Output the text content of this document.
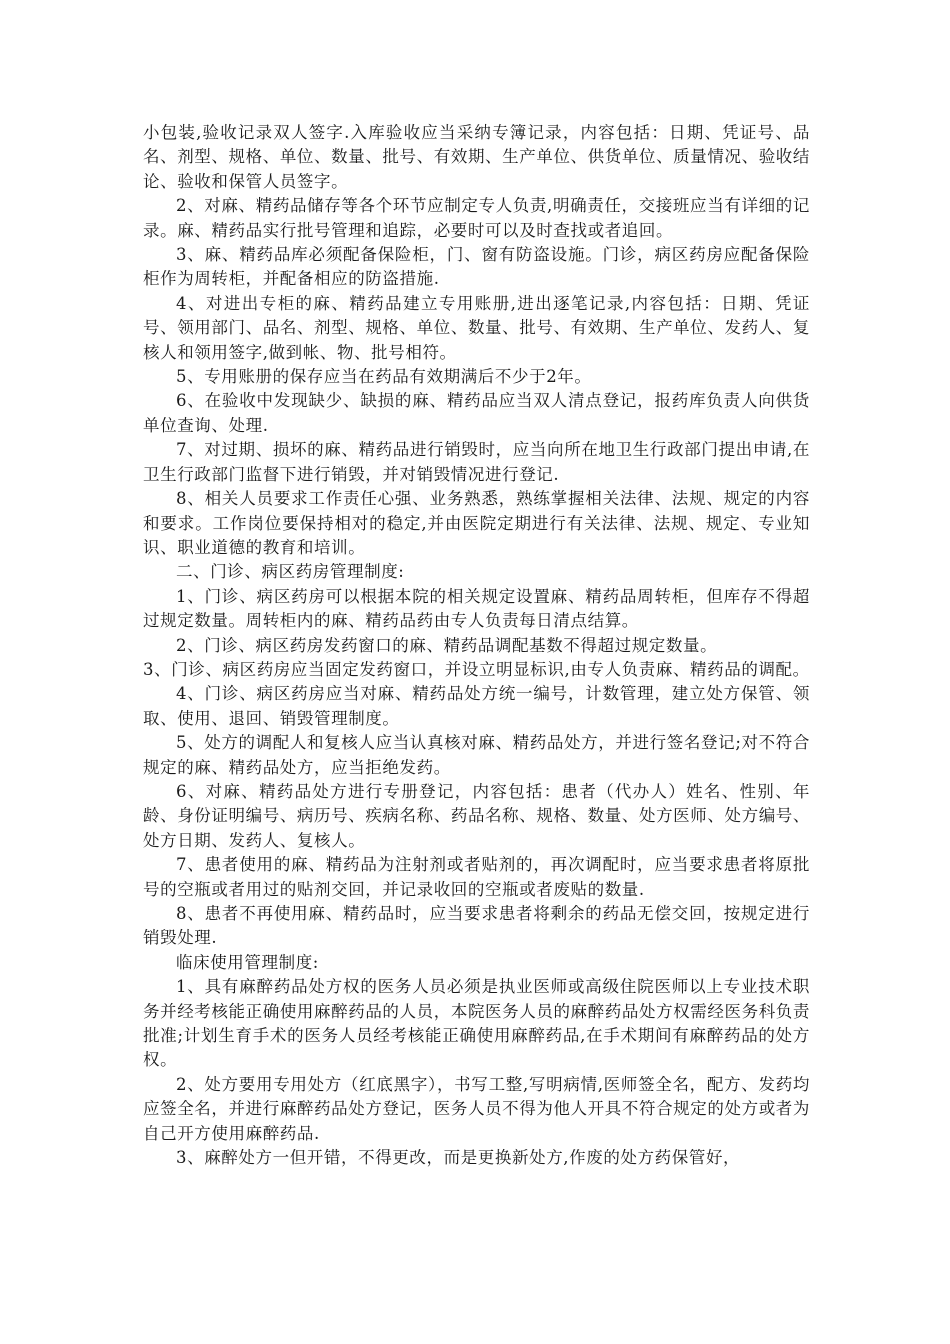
小包装,验收记录双人签字.入库验收应当采纳专簿记录，内容包括：日期、凭证号、品名、剂型、规格、单位、数量、批号、有效期、生产单位、供货单位、质量情况、验收结论、验收和保管人员签字。

2、对麻、精药品储存等各个环节应制定专人负责,明确责任，交接班应当有详细的记录。麻、精药品实行批号管理和追踪，必要时可以及时查找或者追回。

3、麻、精药品库必须配备保险柜，门、窗有防盗设施。门诊，病区药房应配备保险柜作为周转柜，并配备相应的防盗措施.

4、对进出专柜的麻、精药品建立专用账册,进出逐笔记录,内容包括：日期、凭证号、领用部门、品名、剂型、规格、单位、数量、批号、有效期、生产单位、发药人、复核人和领用签字,做到帐、物、批号相符。

5、专用账册的保存应当在药品有效期满后不少于2年。

6、在验收中发现缺少、缺损的麻、精药品应当双人清点登记，报药库负责人向供货单位查询、处理.

7、对过期、损坏的麻、精药品进行销毁时，应当向所在地卫生行政部门提出申请,在卫生行政部门监督下进行销毁，并对销毁情况进行登记.

8、相关人员要求工作责任心强、业务熟悉，熟练掌握相关法律、法规、规定的内容和要求。工作岗位要保持相对的稳定,并由医院定期进行有关法律、法规、规定、专业知识、职业道德的教育和培训。

二、门诊、病区药房管理制度:

1、门诊、病区药房可以根据本院的相关规定设置麻、精药品周转柜，但库存不得超过规定数量。周转柜内的麻、精药品药由专人负责每日清点结算。

2、门诊、病区药房发药窗口的麻、精药品调配基数不得超过规定数量。

3、门诊、病区药房应当固定发药窗口，并设立明显标识,由专人负责麻、精药品的调配。

4、门诊、病区药房应当对麻、精药品处方统一编号，计数管理，建立处方保管、领取、使用、退回、销毁管理制度。

5、处方的调配人和复核人应当认真核对麻、精药品处方，并进行签名登记;对不符合规定的麻、精药品处方，应当拒绝发药。

6、对麻、精药品处方进行专册登记，内容包括：患者（代办人）姓名、性别、年龄、身份证明编号、病历号、疾病名称、药品名称、规格、数量、处方医师、处方编号、处方日期、发药人、复核人。

7、患者使用的麻、精药品为注射剂或者贴剂的，再次调配时，应当要求患者将原批号的空瓶或者用过的贴剂交回，并记录收回的空瓶或者废贴的数量.

8、患者不再使用麻、精药品时，应当要求患者将剩余的药品无偿交回，按规定进行销毁处理.

临床使用管理制度:

1、具有麻醉药品处方权的医务人员必须是执业医师或高级住院医师以上专业技术职务并经考核能正确使用麻醉药品的人员，本院医务人员的麻醉药品处方权需经医务科负责批准;计划生育手术的医务人员经考核能正确使用麻醉药品,在手术期间有麻醉药品的处方权。

2、处方要用专用处方（红底黑字），书写工整,写明病情,医师签全名，配方、发药均应签全名，并进行麻醉药品处方登记，医务人员不得为他人开具不符合规定的处方或者为自己开方使用麻醉药品.

3、麻醉处方一但开错，不得更改，而是更换新处方,作废的处方药保管好，
